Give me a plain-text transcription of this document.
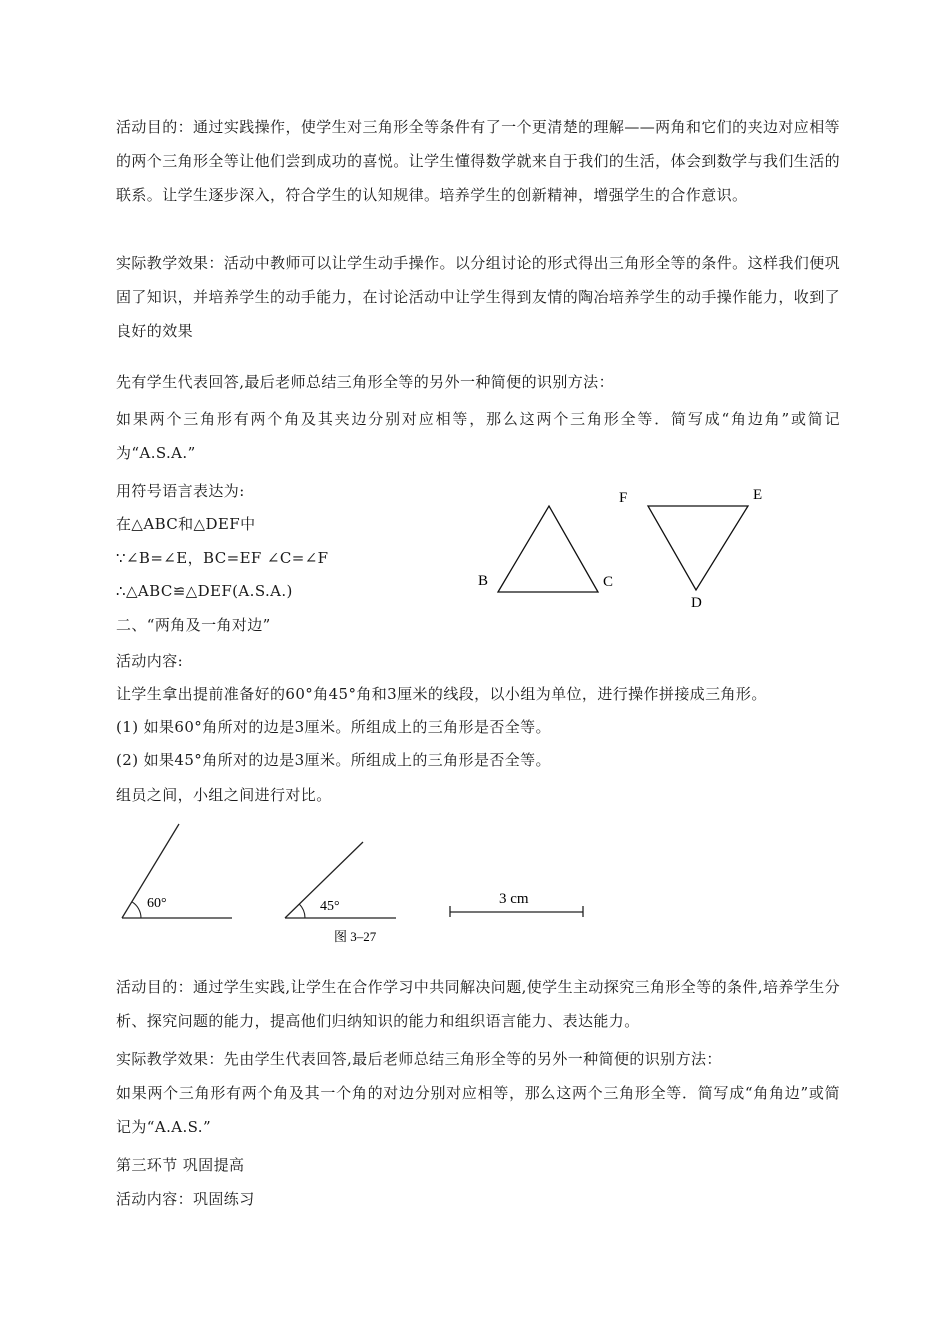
活动目的：通过实践操作，使学生对三角形全等条件有了一个更清楚的理解——两角和它们的夹边对应相等的两个三角形全等让他们尝到成功的喜悦。让学生懂得数学就来自于我们的生活，体会到数学与我们生活的联系。让学生逐步深入，符合学生的认知规律。培养学生的创新精神，增强学生的合作意识。
实际教学效果：活动中教师可以让学生动手操作。以分组讨论的形式得出三角形全等的条件。这样我们便巩固了知识，并培养学生的动手能力，在讨论活动中让学生得到友情的陶冶培养学生的动手操作能力，收到了良好的效果
先有学生代表回答,最后老师总结三角形全等的另外一种简便的识别方法：
如果两个三角形有两个角及其夹边分别对应相等，那么这两个三角形全等．简写成“角边角”或简记为“A.S.A.”
用符号语言表达为:
在△ABC和△DEF中
∵∠B=∠E，BC=EF ∠C=∠F
∴△ABC≌△DEF(A.S.A.)
B	C
F	E
D
二、“两角及一角对边”
活动内容:
让学生拿出提前准备好的60°角45°角和3厘米的线段，以小组为单位，进行操作拼接成三角形。
(1) 如果60°角所对的边是3厘米。所组成上的三角形是否全等。
(2) 如果45°角所对的边是3厘米。所组成上的三角形是否全等。
组员之间，小组之间进行对比。
60°	45°	3 cm
图 3–27
活动目的：通过学生实践,让学生在合作学习中共同解决问题,使学生主动探究三角形全等的条件,培养学生分析、探究问题的能力，提高他们归纳知识的能力和组织语言能力、表达能力。
实际教学效果：先由学生代表回答,最后老师总结三角形全等的另外一种简便的识别方法：
如果两个三角形有两个角及其一个角的对边分别对应相等，那么这两个三角形全等．简写成“角角边”或简记为“A.A.S.”
第三环节 巩固提高
活动内容：巩固练习
